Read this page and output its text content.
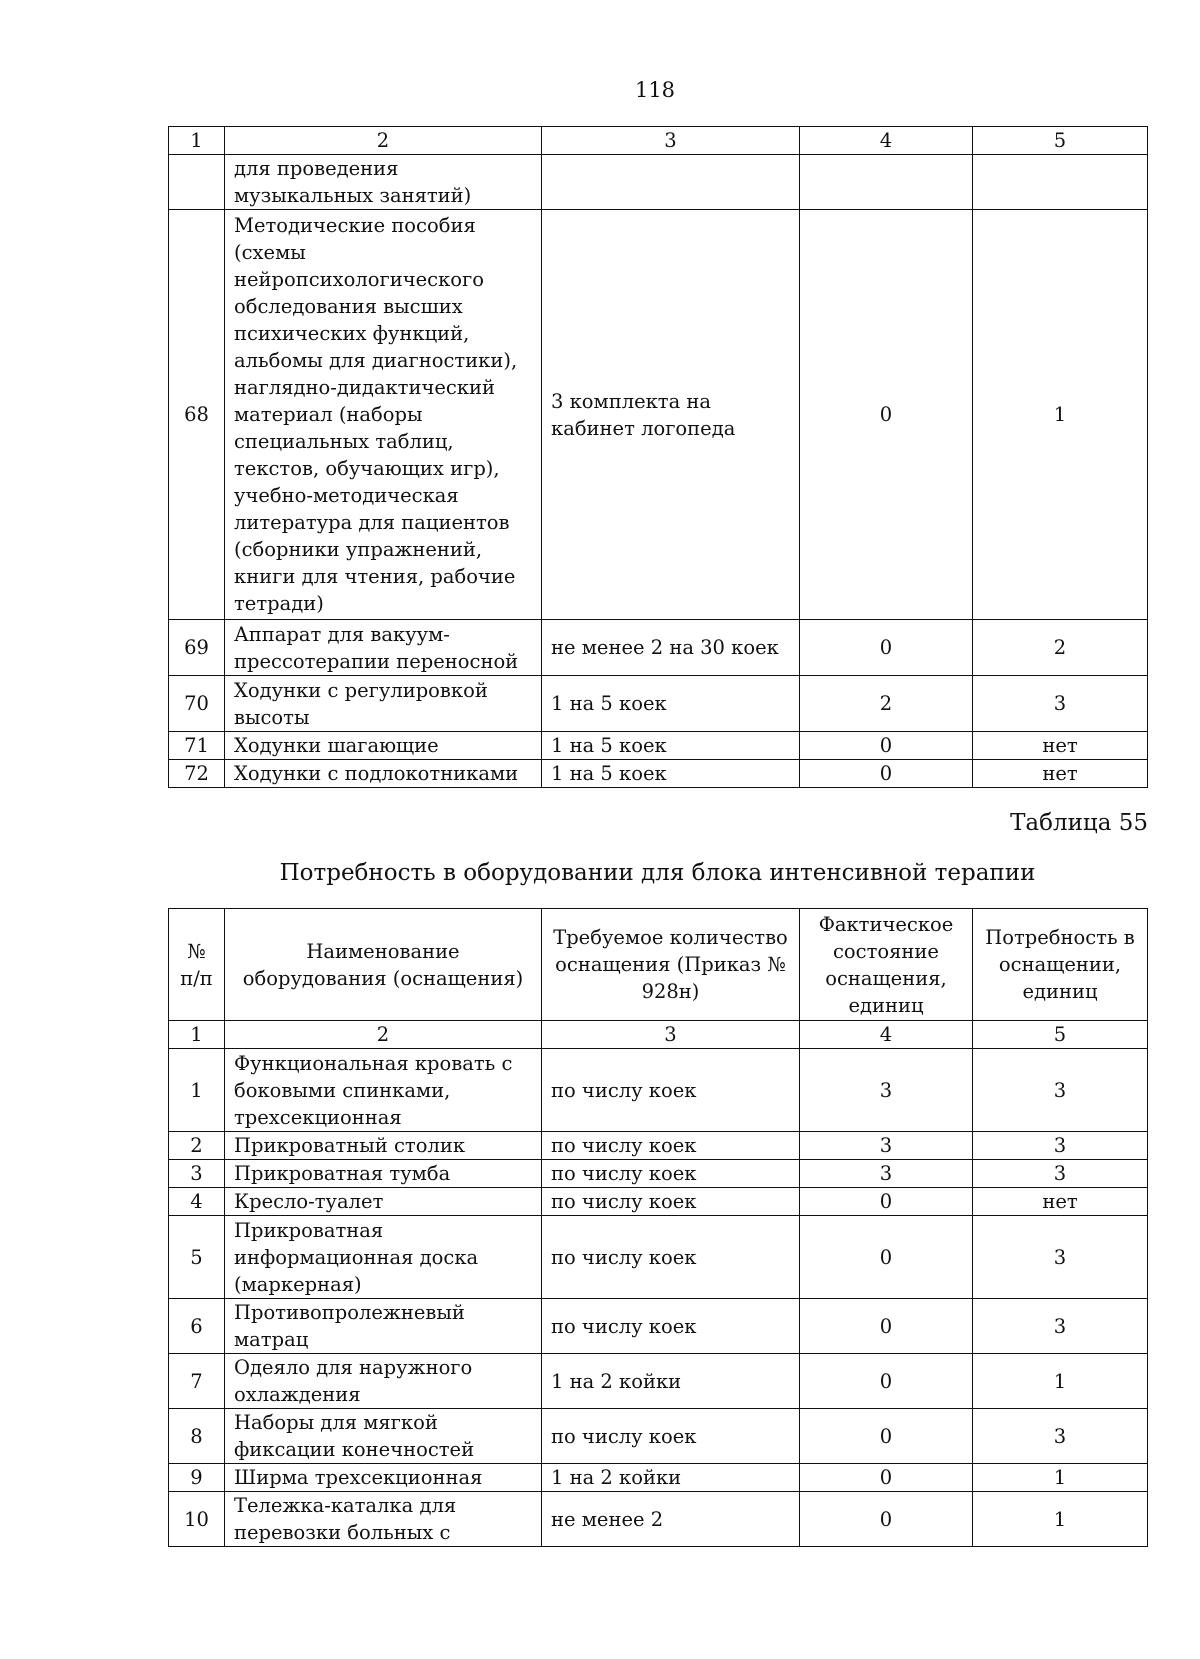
118
1	2	3	4	5
	для проведения музыкальных занятий)			
68	Методические пособия (схемы нейропсихологического обследования высших психических функций, альбомы для диагностики), наглядно-дидактический материал (наборы специальных таблиц, текстов, обучающих игр), учебно-методическая литература для пациентов (сборники упражнений, книги для чтения, рабочие тетради)	3 комплекта на кабинет логопеда	0	1
69	Аппарат для вакуум-прессотерапии переносной	не менее 2 на 30 коек	0	2
70	Ходунки с регулировкой высоты	1 на 5 коек	2	3
71	Ходунки шагающие	1 на 5 коек	0	нет
72	Ходунки с подлокотниками	1 на 5 коек	0	нет
Таблица 55
Потребность в оборудовании для блока интенсивной терапии
№ п/п	Наименование оборудования (оснащения)	Требуемое количество оснащения (Приказ № 928н)	Фактическое состояние оснащения, единиц	Потребность в оснащении, единиц
1	2	3	4	5
1	Функциональная кровать с боковыми спинками, трехсекционная	по числу коек	3	3
2	Прикроватный столик	по числу коек	3	3
3	Прикроватная тумба	по числу коек	3	3
4	Кресло-туалет	по числу коек	0	нет
5	Прикроватная информационная доска (маркерная)	по числу коек	0	3
6	Противопролежневый матрац	по числу коек	0	3
7	Одеяло для наружного охлаждения	1 на 2 койки	0	1
8	Наборы для мягкой фиксации конечностей	по числу коек	0	3
9	Ширма трехсекционная	1 на 2 койки	0	1
10	Тележка-каталка для перевозки больных с	не менее 2	0	1
